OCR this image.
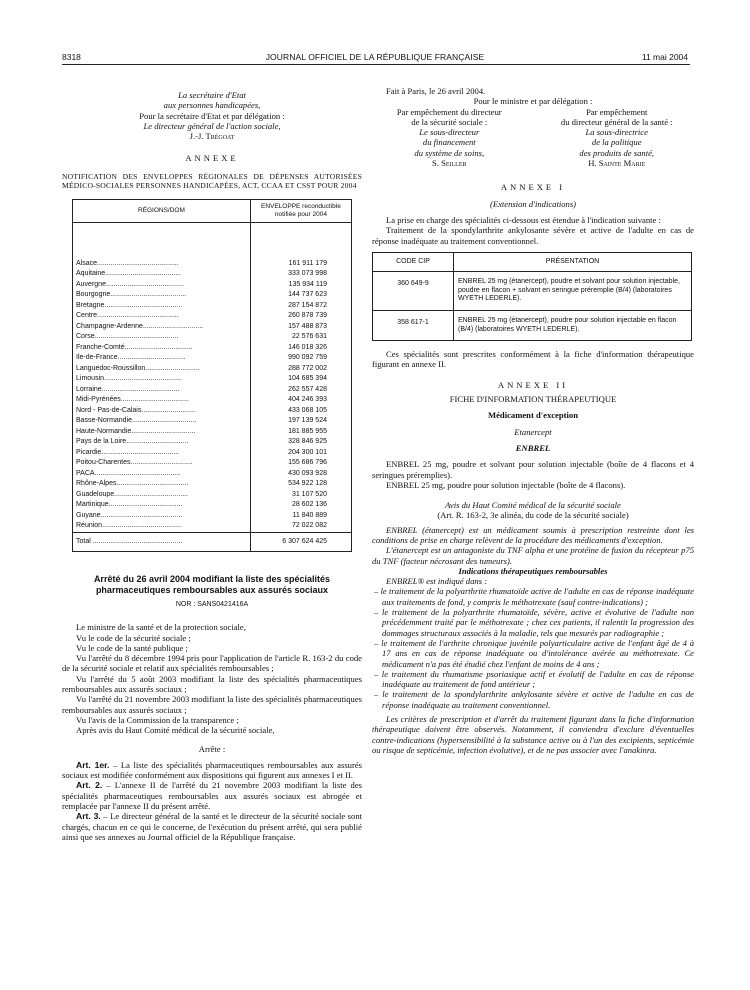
8318	JOURNAL OFFICIEL DE LA RÉPUBLIQUE FRANÇAISE	11 mai 2004

La secrétaire d'Etat

aux personnes handicapées,

Pour la secrétaire d'Etat et par délégation :

Le directeur général de l'action sociale,

J.-J. Trégoat

ANNEXE

NOTIFICATION DES ENVELOPPES RÉGIONALES DE DÉPENSES AUTORISÉES MÉDICO-SOCIALES PERSONNES HANDICAPÉES, ACT, CCAA ET CSST POUR 2004

RÉGIONS/DOM	ENVELOPPE reconductible notifiée pour 2004

Alsace..........................................	161 911 179
Aquitaine.......................................	333 073 998
Auvergne........................................	135 934 119
Bourgogne.......................................	144 737 623
Bretagne........................................	287 154 872
Centre..........................................	260 878 739
Champagne-Ardenne...............................	157 488 873
Corse...........................................	22 576 631
Franche-Comté...................................	146 018 326
Ile-de-France...................................	990 092 759
Languedoc-Roussillon............................	288 772 002
Limousin........................................	104 685 394
Lorraine........................................	262 557 428
Midi-Pyrénées...................................	404 246 393
Nord - Pas-de-Calais............................	433 068 105
Basse-Normandie.................................	197 139 524
Haute-Normandie.................................	181 885 955
Pays de la Loire................................	328 846 925
Picardie........................................	204 300 101
Poitou-Charentes................................	155 686 796
PACA............................................	430 093 928
Rhône-Alpes.....................................	534 922 128
Guadeloupe......................................	31 107 520
Martinique......................................	28 602 136
Guyane..........................................	11 840 889
Réunion.........................................	72 022 082
Total ..............................................	6 307 624 425

Arrêté du 26 avril 2004 modifiant la liste des spécialités pharmaceutiques remboursables aux assurés sociaux

NOR : SANS0421416A

Le ministre de la santé et de la protection sociale,

Vu le code de la sécurité sociale ;

Vu le code de la santé publique ;

Vu l'arrêté du 8 décembre 1994 pris pour l'application de l'article R. 163-2 du code de la sécurité sociale et relatif aux spécialités remboursables ;

Vu l'arrêté du 5 août 2003 modifiant la liste des spécialités pharmaceutiques remboursables aux assurés sociaux ;

Vu l'arrêté du 21 novembre 2003 modifiant la liste des spécialités pharmaceutiques remboursables aux assurés sociaux ;

Vu l'avis de la Commission de la transparence ;

Après avis du Haut Comité médical de la sécurité sociale,

Arrête :

Art. 1er. – La liste des spécialités pharmaceutiques remboursables aux assurés sociaux est modifiée conformément aux dispositions qui figurent aux annexes I et II.

Art. 2. – L'annexe II de l'arrêté du 21 novembre 2003 modifiant la liste des spécialités pharmaceutiques remboursables aux assurés sociaux est abrogée et remplacée par l'annexe II du présent arrêté.

Art. 3. – Le directeur général de la santé et le directeur de la sécurité sociale sont chargés, chacun en ce qui le concerne, de l'exécution du présent arrêté, qui sera publié ainsi que ses annexes au Journal officiel de la République française.

Fait à Paris, le 26 avril 2004.

Pour le ministre et par délégation :

Par empêchement du directeur

de la sécurité sociale :

Le sous-directeur

du financement

du système de soins,

S. Seiller

Par empêchement

du directeur général de la santé :

La sous-directrice

de la politique

des produits de santé,

H. Sainte Marie

ANNEXE I

(Extension d'indications)

La prise en charge des spécialités ci-dessous est étendue à l'indication suivante :

Traitement de la spondylarthrite ankylosante sévère et active de l'adulte en cas de réponse inadéquate au traitement conventionnel.

CODE CIP	PRÉSENTATION
360 649-9	ENBREL 25 mg (étanercept), poudre et solvant pour solution injectable, poudre en flacon + solvant en seringue préremplie (B/4) (laboratoires WYETH LEDERLE).
358 617-1	ENBREL 25 mg (étanercept), poudre pour solution injectable en flacon (B/4) (laboratoires WYETH LEDERLE).

Ces spécialités sont prescrites conformément à la fiche d'information thérapeutique figurant en annexe II.

ANNEXE II

FICHE D'INFORMATION THÉRAPEUTIQUE

Médicament d'exception

Etanercept

ENBREL

ENBREL 25 mg, poudre et solvant pour solution injectable (boîte de 4 flacons et 4 seringues préremplies).

ENBREL 25 mg, poudre pour solution injectable (boîte de 4 flacons).

Avis du Haut Comité médical de la sécurité sociale

(Art. R. 163-2, 3e alinéa, du code de la sécurité sociale)

ENBREL (étanercept) est un médicament soumis à prescription restreinte dont les conditions de prise en charge relèvent de la procédure des médicaments d'exception.

L'étanercept est un antagoniste du TNF alpha et une protéine de fusion du récepteur p75 du TNF (facteur nécrosant des tumeurs).

Indications thérapeutiques remboursables

ENBREL® est indiqué dans :

– le traitement de la polyarthrite rhumatoïde active de l'adulte en cas de réponse inadéquate aux traitements de fond, y compris le méthotrexate (sauf contre-indications) ;
– le traitement de la polyarthrite rhumatoïde, sévère, active et évolutive de l'adulte non précédemment traité par le méthotrexate ; chez ces patients, il ralentit la progression des dommages structuraux associés à la maladie, tels que mesurés par radiographie ;
– le traitement de l'arthrite chronique juvénile polyarticulaire active de l'enfant âgé de 4 à 17 ans en cas de réponse inadéquate ou d'intolérance avérée au méthotrexate. Ce médicament n'a pas été étudié chez l'enfant de moins de 4 ans ;
– le traitement du rhumatisme psoriasique actif et évolutif de l'adulte en cas de réponse inadéquate au traitement de fond antérieur ;
– le traitement de la spondylarthrite ankylosante sévère et active de l'adulte en cas de réponse inadéquate au traitement conventionnel.

Les critères de prescription et d'arrêt du traitement figurant dans la fiche d'information thérapeutique doivent être observés. Notamment, il conviendra d'exclure d'éventuelles contre-indications (hypersensibilité à la substance active ou à l'un des excipients, septicémie ou risque de septicémie, infection évolutive), et de ne pas associer avec l'anakinra.
